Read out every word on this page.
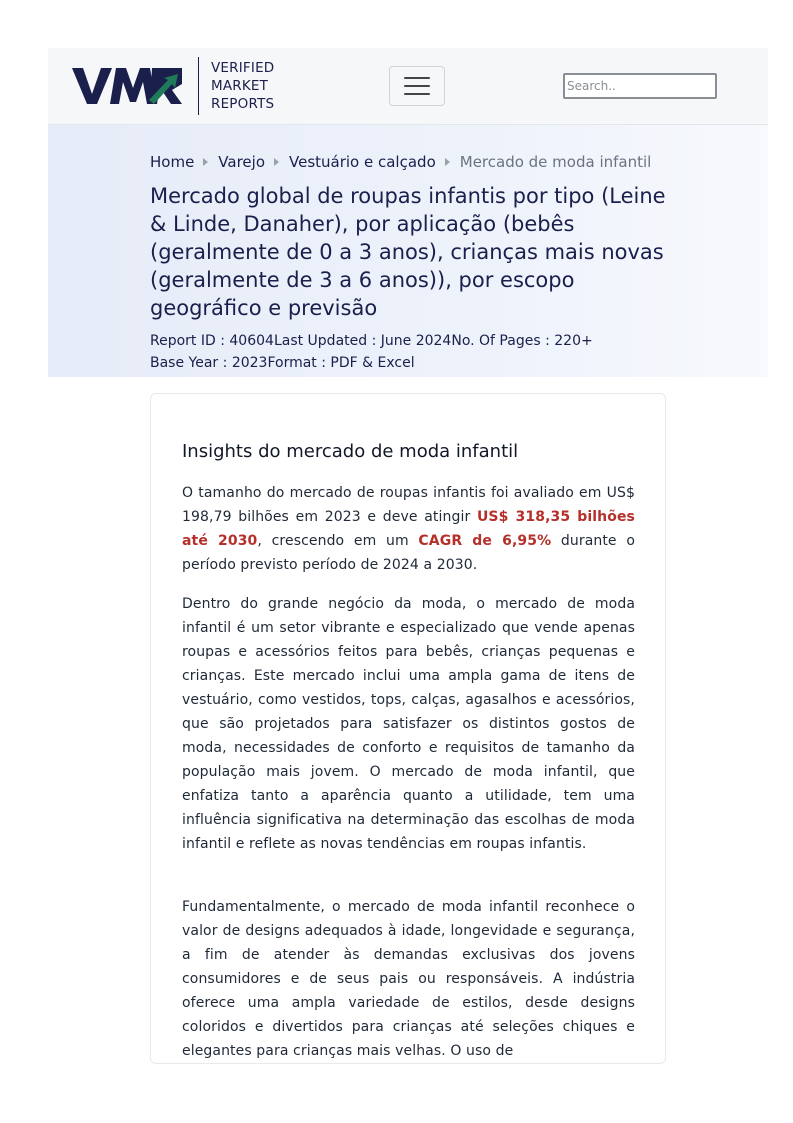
VERIFIED
MARKET
REPORTS
Search..
Home Varejo Vestuário e calçado Mercado de moda infantil
Mercado global de roupas infantis por tipo (Leine & Linde, Danaher), por aplicação (bebês (geralmente de 0 a 3 anos), crianças mais novas (geralmente de 3 a 6 anos)), por escopo geográfico e previsão
Report ID : 40604Last Updated : June 2024No. Of Pages : 220+
Base Year : 2023Format : PDF & Excel
Insights do mercado de moda infantil

O tamanho do mercado de roupas infantis foi avaliado em US$ 198,79 bilhões em 2023 e deve atingir US$ 318,35 bilhões até 2030, crescendo em um CAGR de 6,95% durante o período previsto período de 2024 a 2030.

Dentro do grande negócio da moda, o mercado de moda infantil é um setor vibrante e especializado que vende apenas roupas e acessórios feitos para bebês, crianças pequenas e crianças. Este mercado inclui uma ampla gama de itens de vestuário, como vestidos, tops, calças, agasalhos e acessórios, que são projetados para satisfazer os distintos gostos de moda, necessidades de conforto e requisitos de tamanho da população mais jovem. O mercado de moda infantil, que enfatiza tanto a aparência quanto a utilidade, tem uma influência significativa na determinação das escolhas de moda infantil e reflete as novas tendências em roupas infantis.

Fundamentalmente, o mercado de moda infantil reconhece o valor de designs adequados à idade, longevidade e segurança, a fim de atender às demandas exclusivas dos jovens consumidores e de seus pais ou responsáveis. A indústria oferece uma ampla variedade de estilos, desde designs coloridos e divertidos para crianças até seleções chiques e elegantes para crianças mais velhas. O uso de
